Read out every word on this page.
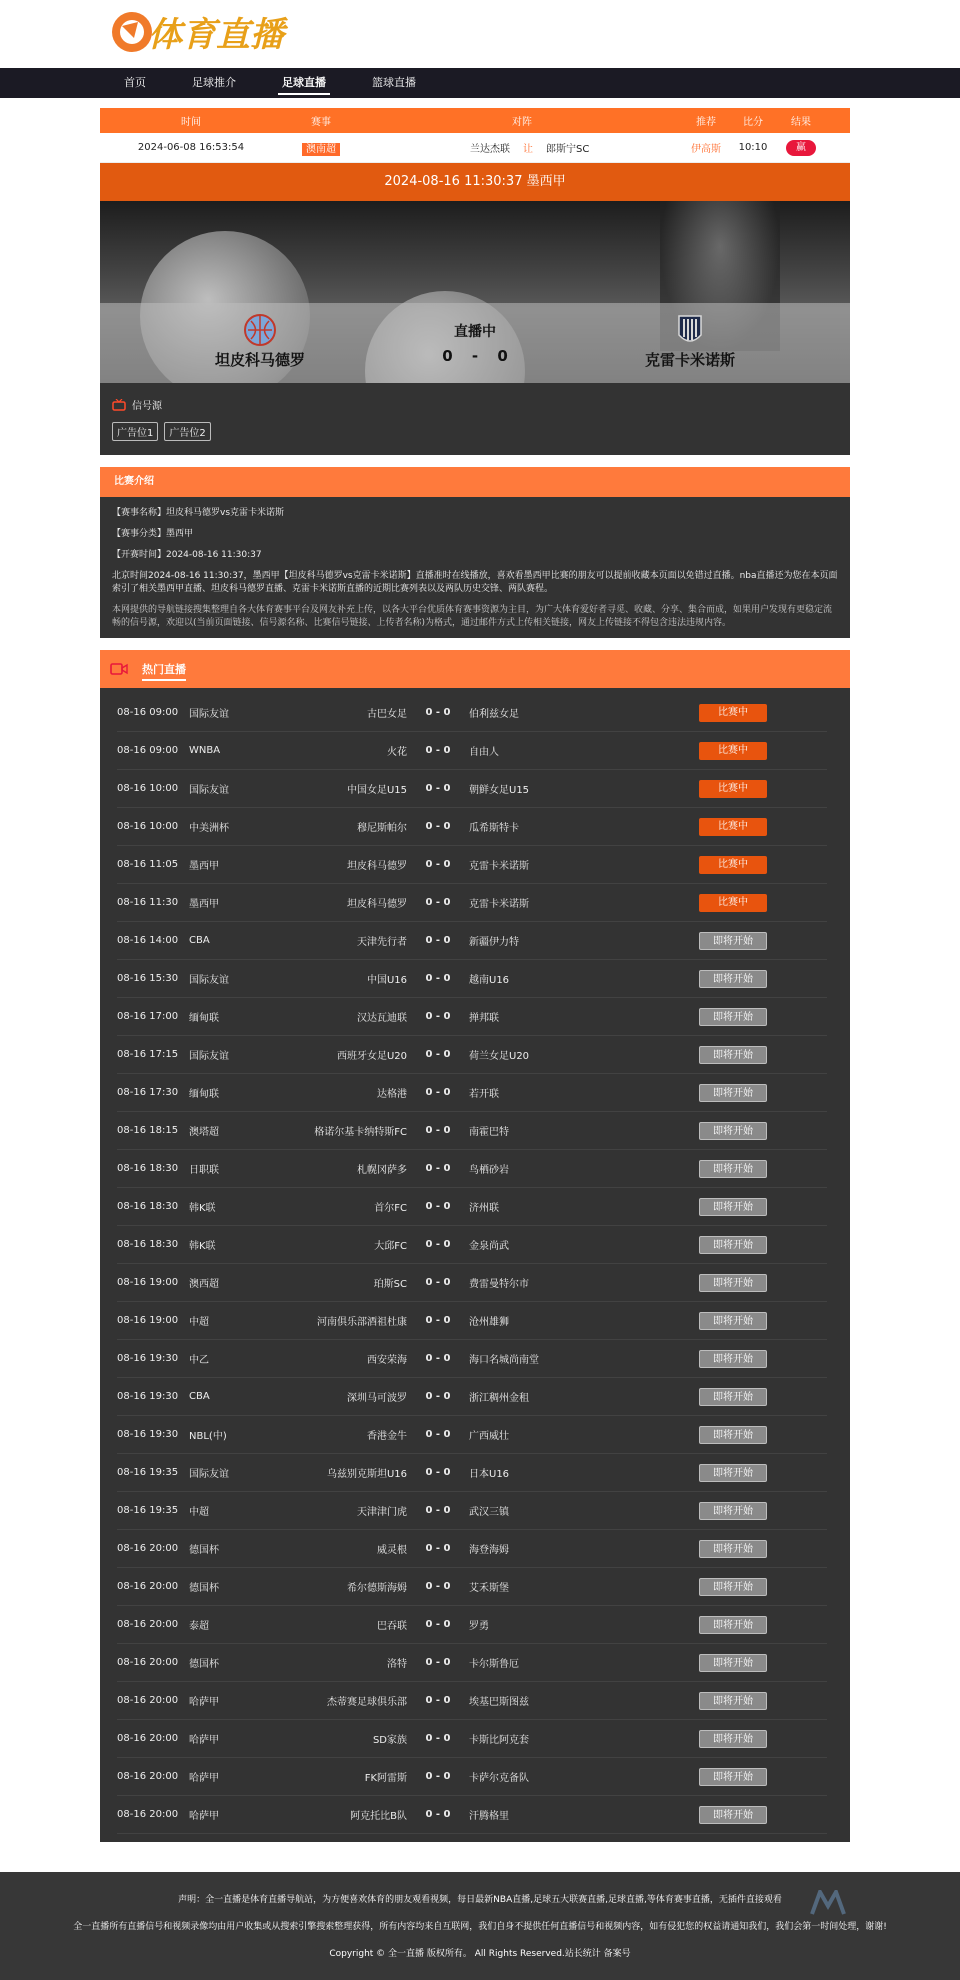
体育直播
首页	足球推介	足球直播	篮球直播
时间	赛事	对阵	推荐	比分	结果
2024-06-08 16:53:54	澳南超	兰达杰联	让	郎斯宁SC	伊高斯	10:10	赢
2024-08-16 11:30:37 墨西甲
坦皮科马德罗
直播中
0 - 0	克雷卡米诺斯
信号源
广告位1	广告位2
比赛介绍

【赛事名称】坦皮科马德罗vs克雷卡米诺斯

【赛事分类】墨西甲

【开赛时间】2024-08-16 11:30:37

北京时间2024-08-16 11:30:37，墨西甲【坦皮科马德罗vs克雷卡米诺斯】直播准时在线播放，喜欢看墨西甲比赛的朋友可以提前收藏本页面以免错过直播。nba直播还为您在本页面索引了相关墨西甲直播、坦皮科马德罗直播、克雷卡米诺斯直播的近期比赛列表以及两队历史交锋、两队赛程。

本网提供的导航链接搜集整理自各大体育赛事平台及网友补充上传，以各大平台优质体育赛事资源为主目，为广大体育爱好者寻觅、收藏、分享、集合而成，如果用户发现有更稳定流畅的信号源，欢迎以(当前页面链接、信号源名称、比赛信号链接、上传者名称)为格式，通过邮件方式上传相关链接，网友上传链接不得包含违法违规内容。

热门直播
08-16 09:00	国际友谊	古巴女足	0 - 0	伯利兹女足	比赛中
08-16 09:00	WNBA	火花	0 - 0	自由人	比赛中
08-16 10:00	国际友谊	中国女足U15	0 - 0	朝鲜女足U15	比赛中
08-16 10:00	中美洲杯	穆尼斯帕尔	0 - 0	瓜希斯特卡	比赛中
08-16 11:05	墨西甲	坦皮科马德罗	0 - 0	克雷卡米诺斯	比赛中
08-16 11:30	墨西甲	坦皮科马德罗	0 - 0	克雷卡米诺斯	比赛中
08-16 14:00	CBA	天津先行者	0 - 0	新疆伊力特	即将开始
08-16 15:30	国际友谊	中国U16	0 - 0	越南U16	即将开始
08-16 17:00	缅甸联	汉达瓦迪联	0 - 0	掸邦联	即将开始
08-16 17:15	国际友谊	西班牙女足U20	0 - 0	荷兰女足U20	即将开始
08-16 17:30	缅甸联	达格港	0 - 0	若开联	即将开始
08-16 18:15	澳塔超	格诺尔基卡纳特斯FC	0 - 0	南霍巴特	即将开始
08-16 18:30	日职联	札幌冈萨多	0 - 0	鸟栖砂岩	即将开始
08-16 18:30	韩K联	首尔FC	0 - 0	济州联	即将开始
08-16 18:30	韩K联	大邱FC	0 - 0	金泉尚武	即将开始
08-16 19:00	澳西超	珀斯SC	0 - 0	费雷曼特尔市	即将开始
08-16 19:00	中超	河南俱乐部酒祖杜康	0 - 0	沧州雄狮	即将开始
08-16 19:30	中乙	西安荣海	0 - 0	海口名城尚南堂	即将开始
08-16 19:30	CBA	深圳马可波罗	0 - 0	浙江稠州金租	即将开始
08-16 19:30	NBL(中)	香港金牛	0 - 0	广西威壮	即将开始
08-16 19:35	国际友谊	乌兹别克斯坦U16	0 - 0	日本U16	即将开始
08-16 19:35	中超	天津津门虎	0 - 0	武汉三镇	即将开始
08-16 20:00	德国杯	威灵根	0 - 0	海登海姆	即将开始
08-16 20:00	德国杯	希尔德斯海姆	0 - 0	艾禾斯堡	即将开始
08-16 20:00	泰超	巴吞联	0 - 0	罗勇	即将开始
08-16 20:00	德国杯	洛特	0 - 0	卡尔斯鲁厄	即将开始
08-16 20:00	哈萨甲	杰蒂赛足球俱乐部	0 - 0	埃基巴斯图兹	即将开始
08-16 20:00	哈萨甲	SD家族	0 - 0	卡斯比阿克套	即将开始
08-16 20:00	哈萨甲	FK阿雷斯	0 - 0	卡萨尔克备队	即将开始
08-16 20:00	哈萨甲	阿克托比B队	0 - 0	汗腾格里	即将开始

声明：全一直播是体育直播导航站，为方便喜欢体育的朋友观看视频，每日最新NBA直播,足球五大联赛直播,足球直播,等体育赛事直播，无插件直接观看

全一直播所有直播信号和视频录像均由用户收集或从搜索引擎搜索整理获得，所有内容均来自互联网，我们自身不提供任何直播信号和视频内容，如有侵犯您的权益请通知我们，我们会第一时间处理，谢谢!

Copyright © 全一直播 版权所有。 All Rights Reserved.站长统计 备案号
